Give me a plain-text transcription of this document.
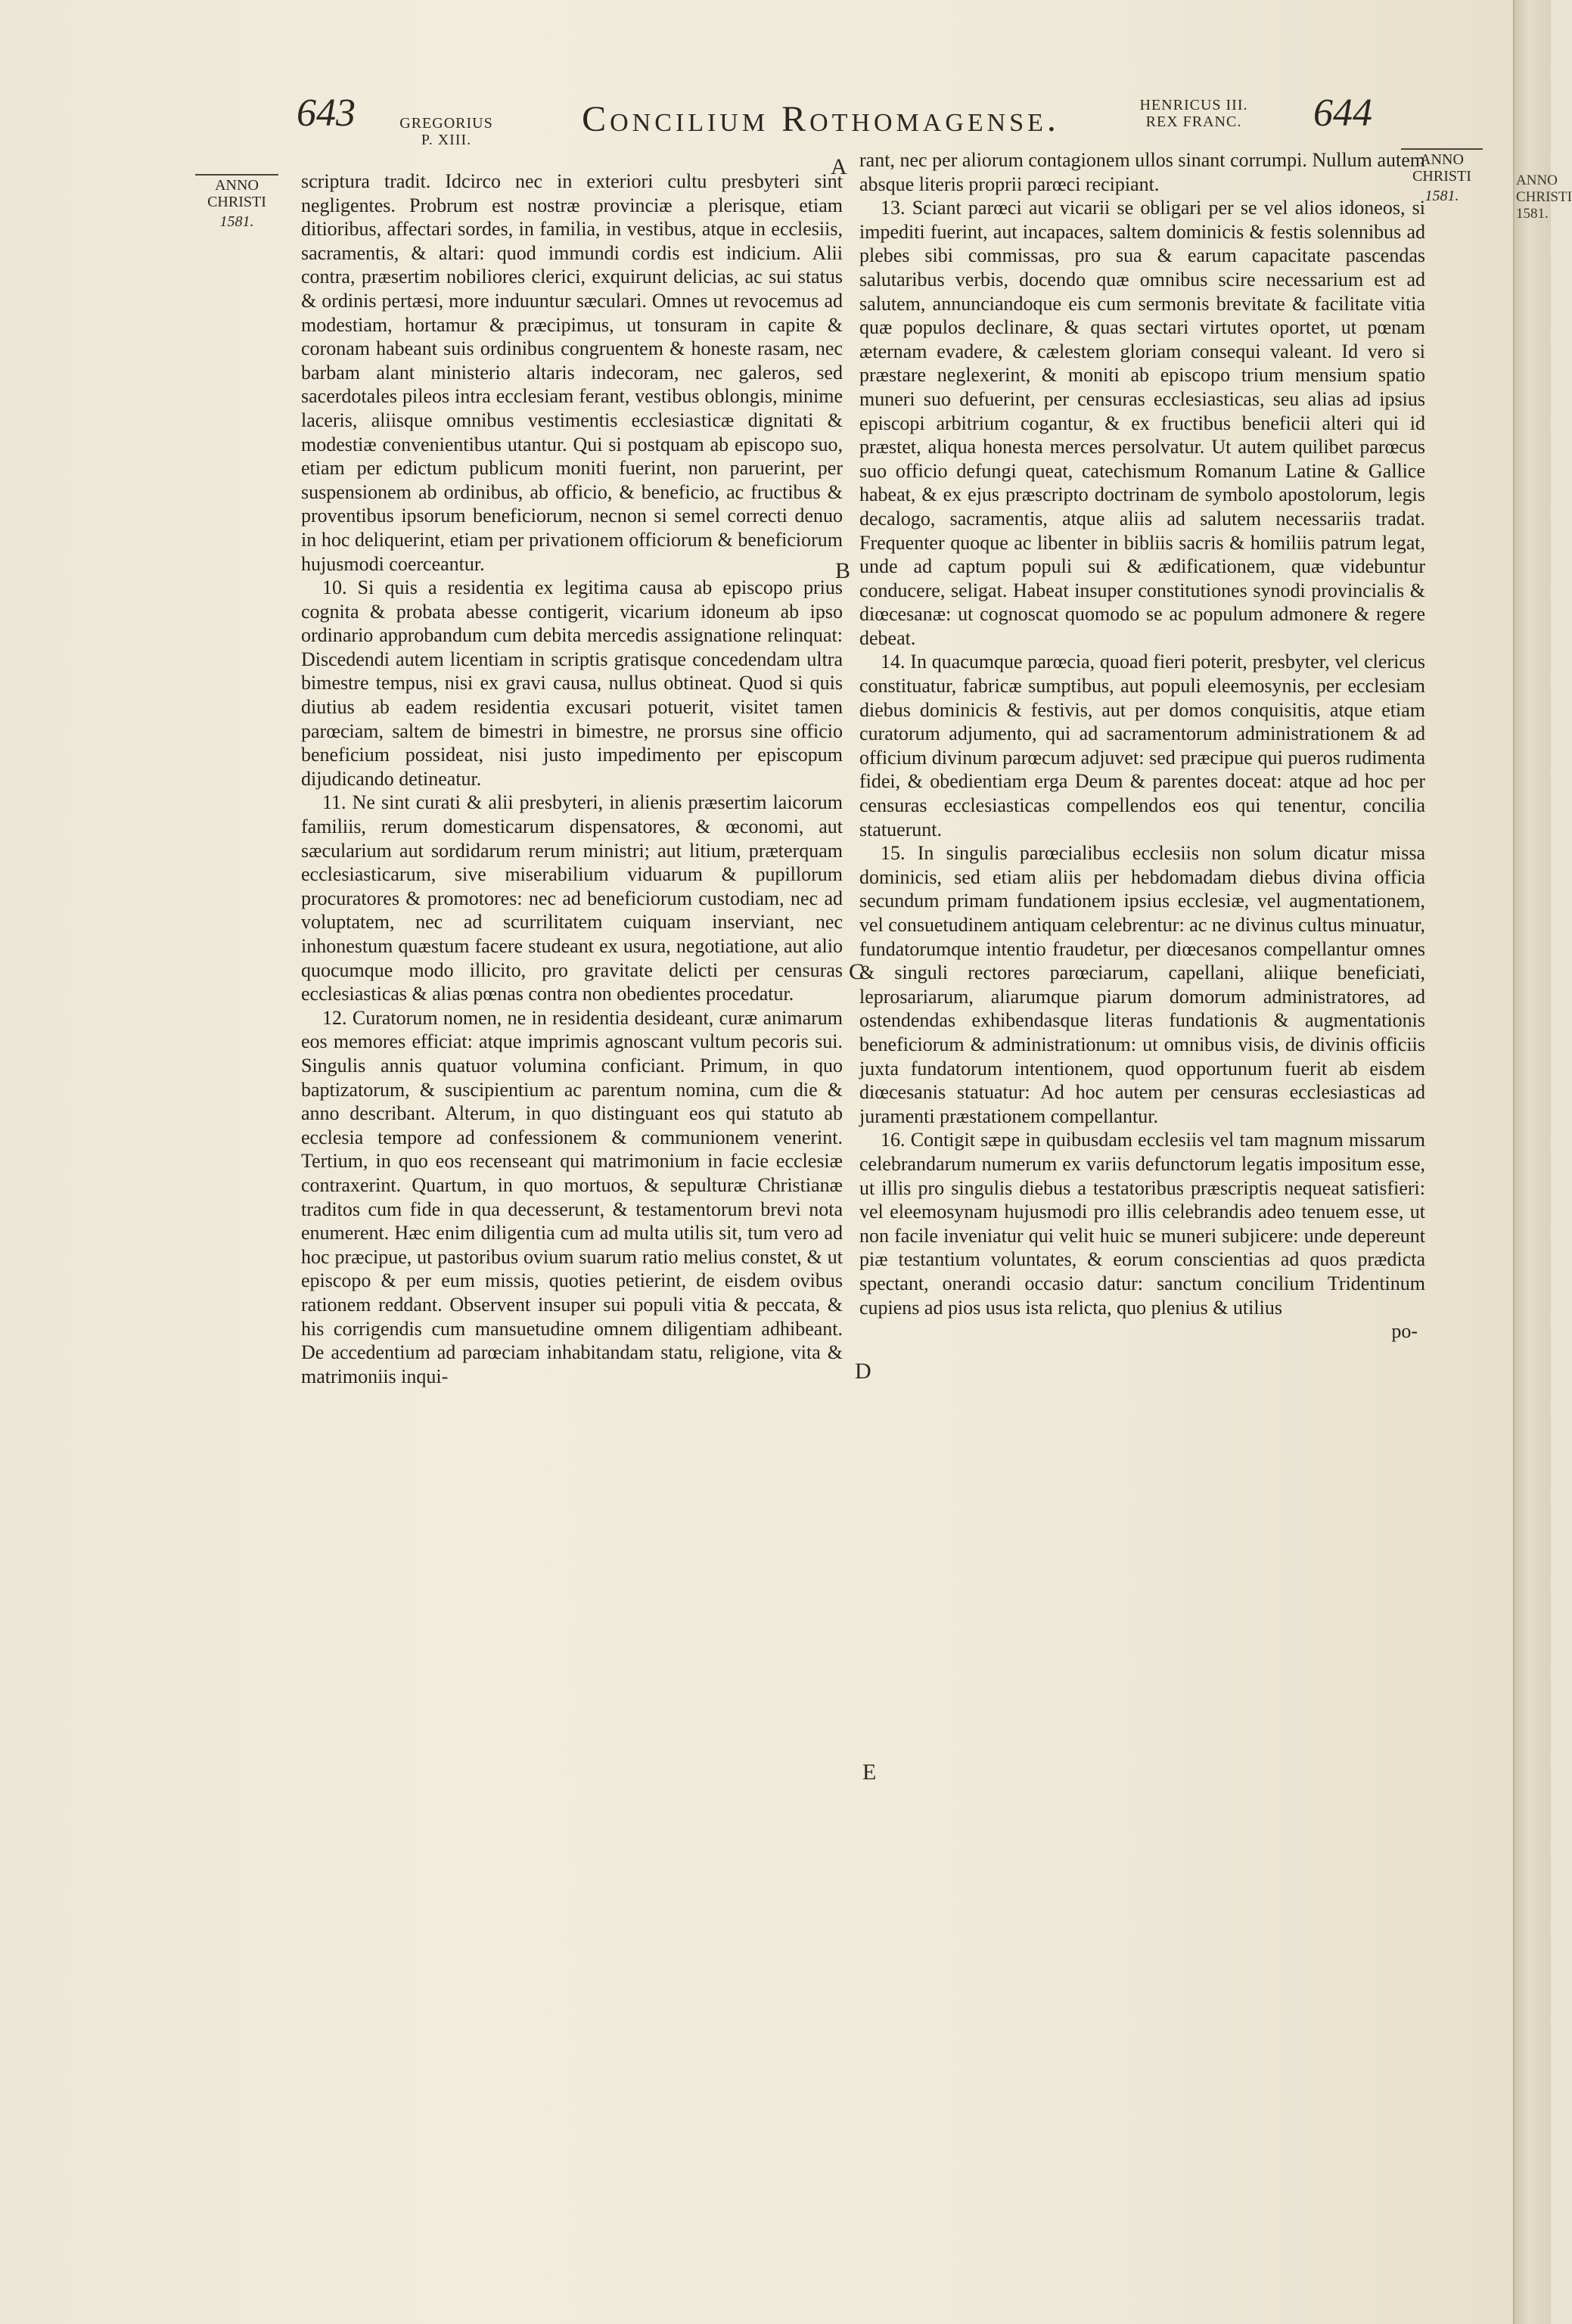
ANNO CHRISTI 1581.
643	GREGORIUS P. XIII.
Concilium Rothomagense.	HENRICUS III. REX FRANC.	644
ANNO
CHRISTI
1581.
ANNO
CHRISTI
1581.
A
B
C
D
E

scriptura tradit. Idcirco nec in exteriori cultu presbyteri sint negligentes. Probrum est nostræ provinciæ a plerisque, etiam ditioribus, affectari sordes, in familia, in vestibus, atque in ecclesiis, sacramentis, & altari: quod immundi cordis est indicium. Alii contra, præsertim nobiliores clerici, exquirunt delicias, ac sui status & ordinis pertæsi, more induuntur sæculari. Omnes ut revocemus ad modestiam, hortamur & præcipimus, ut tonsuram in capite & coronam habeant suis ordinibus congruentem & honeste rasam, nec barbam alant ministerio altaris indecoram, nec galeros, sed sacerdotales pileos intra ecclesiam ferant, vestibus oblongis, minime laceris, aliisque omnibus vestimentis ecclesiasticæ dignitati & modestiæ convenientibus utantur. Qui si postquam ab episcopo suo, etiam per edictum publicum moniti fuerint, non paruerint, per suspensionem ab ordinibus, ab officio, & beneficio, ac fructibus & proventibus ipsorum beneficiorum, necnon si semel correcti denuo in hoc deliquerint, etiam per privationem officiorum & beneficiorum hujusmodi coerceantur.

10. Si quis a residentia ex legitima causa ab episcopo prius cognita & probata abesse contigerit, vicarium idoneum ab ipso ordinario approbandum cum debita mercedis assignatione relinquat: Discedendi autem licentiam in scriptis gratisque concedendam ultra bimestre tempus, nisi ex gravi causa, nullus obtineat. Quod si quis diutius ab eadem residentia excusari potuerit, visitet tamen parœciam, saltem de bimestri in bimestre, ne prorsus sine officio beneficium possideat, nisi justo impedimento per episcopum dijudicando detineatur.

11. Ne sint curati & alii presbyteri, in alienis præsertim laicorum familiis, rerum domesticarum dispensatores, & œconomi, aut sæcularium aut sordidarum rerum ministri; aut litium, præterquam ecclesiasticarum, sive miserabilium viduarum & pupillorum procuratores & promotores: nec ad beneficiorum custodiam, nec ad voluptatem, nec ad scurrilitatem cuiquam inserviant, nec inhonestum quæstum facere studeant ex usura, negotiatione, aut alio quocumque modo illicito, pro gravitate delicti per censuras ecclesiasticas & alias pœnas contra non obedientes procedatur.

12. Curatorum nomen, ne in residentia desideant, curæ animarum eos memores efficiat: atque imprimis agnoscant vultum pecoris sui. Singulis annis quatuor volumina conficiant. Primum, in quo baptizatorum, & suscipientium ac parentum nomina, cum die & anno describant. Alterum, in quo distinguant eos qui statuto ab ecclesia tempore ad confessionem & communionem venerint. Tertium, in quo eos recenseant qui matrimonium in facie ecclesiæ contraxerint. Quartum, in quo mortuos, & sepulturæ Christianæ traditos cum fide in qua decesserunt, & testamentorum brevi nota enumerent. Hæc enim diligentia cum ad multa utilis sit, tum vero ad hoc præcipue, ut pastoribus ovium suarum ratio melius constet, & ut episcopo & per eum missis, quoties petierint, de eisdem ovibus rationem reddant. Observent insuper sui populi vitia & peccata, & his corrigendis cum mansuetudine omnem diligentiam adhibeant. De accedentium ad parœciam inhabitandam statu, religione, vita & matrimoniis inqui-

rant, nec per aliorum contagionem ullos sinant corrumpi. Nullum autem absque literis proprii parœci recipiant.

13. Sciant parœci aut vicarii se obligari per se vel alios idoneos, si impediti fuerint, aut incapaces, saltem dominicis & festis solennibus ad plebes sibi commissas, pro sua & earum capacitate pascendas salutaribus verbis, docendo quæ omnibus scire necessarium est ad salutem, annunciandoque eis cum sermonis brevitate & facilitate vitia quæ populos declinare, & quas sectari virtutes oportet, ut pœnam æternam evadere, & cælestem gloriam consequi valeant. Id vero si præstare neglexerint, & moniti ab episcopo trium mensium spatio muneri suo defuerint, per censuras ecclesiasticas, seu alias ad ipsius episcopi arbitrium cogantur, & ex fructibus beneficii alteri qui id præstet, aliqua honesta merces persolvatur. Ut autem quilibet parœcus suo officio defungi queat, catechismum Romanum Latine & Gallice habeat, & ex ejus præscripto doctrinam de symbolo apostolorum, legis decalogo, sacramentis, atque aliis ad salutem necessariis tradat. Frequenter quoque ac libenter in bibliis sacris & homiliis patrum legat, unde ad captum populi sui & ædificationem, quæ videbuntur conducere, seligat. Habeat insuper constitutiones synodi provincialis & diœcesanæ: ut cognoscat quomodo se ac populum admonere & regere debeat.

14. In quacumque parœcia, quoad fieri poterit, presbyter, vel clericus constituatur, fabricæ sumptibus, aut populi eleemosynis, per ecclesiam diebus dominicis & festivis, aut per domos conquisitis, atque etiam curatorum adjumento, qui ad sacramentorum administrationem & ad officium divinum parœcum adjuvet: sed præcipue qui pueros rudimenta fidei, & obedientiam erga Deum & parentes doceat: atque ad hoc per censuras ecclesiasticas compellendos eos qui tenentur, concilia statuerunt.

15. In singulis parœcialibus ecclesiis non solum dicatur missa dominicis, sed etiam aliis per hebdomadam diebus divina officia secundum primam fundationem ipsius ecclesiæ, vel augmentationem, vel consuetudinem antiquam celebrentur: ac ne divinus cultus minuatur, fundatorumque intentio fraudetur, per diœcesanos compellantur omnes & singuli rectores parœciarum, capellani, aliique beneficiati, leprosariarum, aliarumque piarum domorum administratores, ad ostendendas exhibendasque literas fundationis & augmentationis beneficiorum & administrationum: ut omnibus visis, de divinis officiis juxta fundatorum intentionem, quod opportunum fuerit ab eisdem diœcesanis statuatur: Ad hoc autem per censuras ecclesiasticas ad juramenti præstationem compellantur.

16. Contigit sæpe in quibusdam ecclesiis vel tam magnum missarum celebrandarum numerum ex variis defunctorum legatis impositum esse, ut illis pro singulis diebus a testatoribus præscriptis nequeat satisfieri: vel eleemosynam hujusmodi pro illis celebrandis adeo tenuem esse, ut non facile inveniatur qui velit huic se muneri subjicere: unde depereunt piæ testantium voluntates, & eorum conscientias ad quos prædicta spectant, onerandi occasio datur: sanctum concilium Tridentinum cupiens ad pios usus ista relicta, quo plenius & utilius

po-
